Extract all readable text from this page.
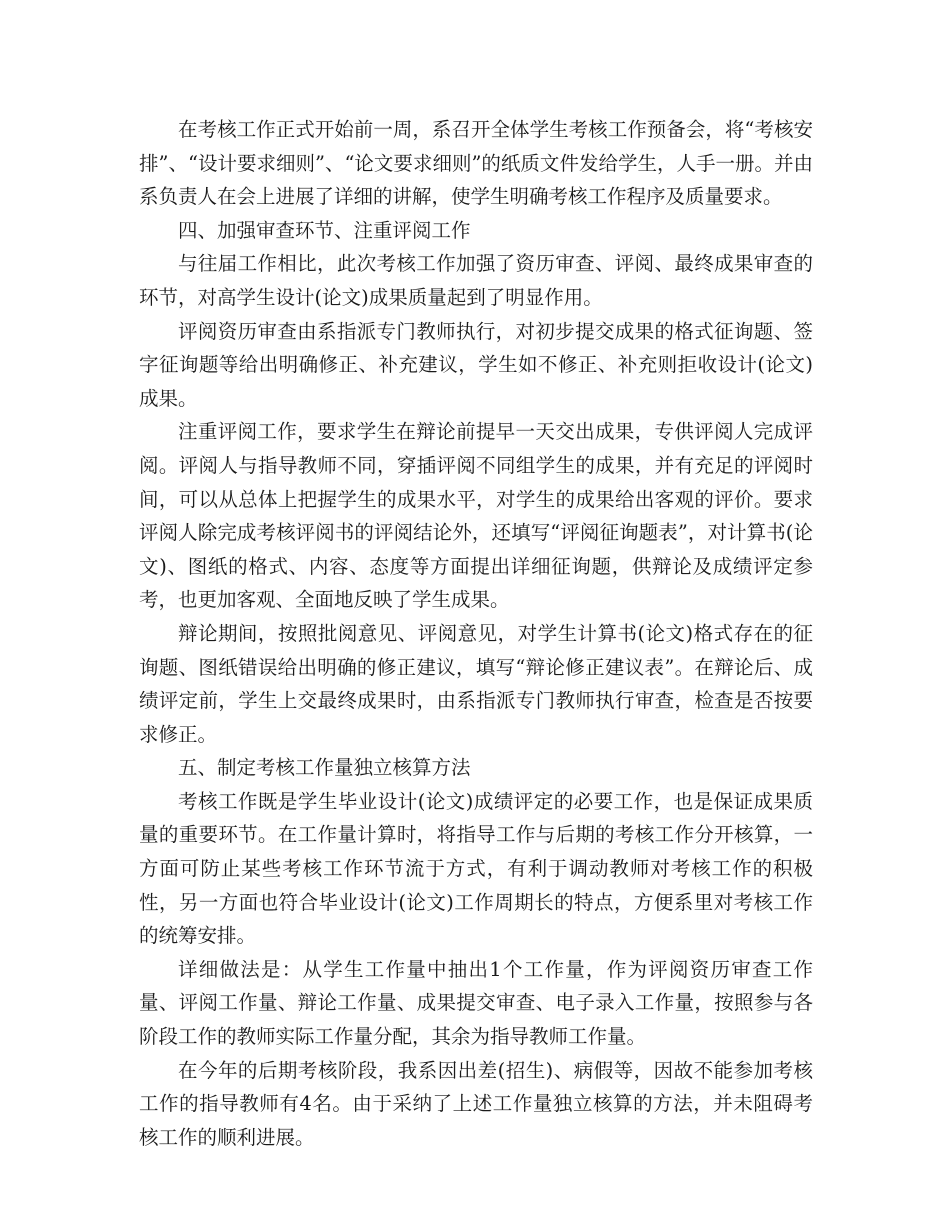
在考核工作正式开始前一周，系召开全体学生考核工作预备会，将“考核安排”、“设计要求细则”、“论文要求细则”的纸质文件发给学生，人手一册。并由系负责人在会上进展了详细的讲解，使学生明确考核工作程序及质量要求。

四、加强审查环节、注重评阅工作

与往届工作相比，此次考核工作加强了资历审查、评阅、最终成果审查的环节，对高学生设计(论文)成果质量起到了明显作用。

评阅资历审查由系指派专门教师执行，对初步提交成果的格式征询题、签字征询题等给出明确修正、补充建议，学生如不修正、补充则拒收设计(论文)成果。

注重评阅工作，要求学生在辩论前提早一天交出成果，专供评阅人完成评阅。评阅人与指导教师不同，穿插评阅不同组学生的成果，并有充足的评阅时间，可以从总体上把握学生的成果水平，对学生的成果给出客观的评价。要求评阅人除完成考核评阅书的评阅结论外，还填写“评阅征询题表”，对计算书(论文)、图纸的格式、内容、态度等方面提出详细征询题，供辩论及成绩评定参考，也更加客观、全面地反映了学生成果。

辩论期间，按照批阅意见、评阅意见，对学生计算书(论文)格式存在的征询题、图纸错误给出明确的修正建议，填写“辩论修正建议表”。在辩论后、成绩评定前，学生上交最终成果时，由系指派专门教师执行审查，检查是否按要求修正。

五、制定考核工作量独立核算方法

考核工作既是学生毕业设计(论文)成绩评定的必要工作，也是保证成果质量的重要环节。在工作量计算时，将指导工作与后期的考核工作分开核算，一方面可防止某些考核工作环节流于方式，有利于调动教师对考核工作的积极性，另一方面也符合毕业设计(论文)工作周期长的特点，方便系里对考核工作的统筹安排。

详细做法是：从学生工作量中抽出1个工作量，作为评阅资历审查工作量、评阅工作量、辩论工作量、成果提交审查、电子录入工作量，按照参与各阶段工作的教师实际工作量分配，其余为指导教师工作量。

在今年的后期考核阶段，我系因出差(招生)、病假等，因故不能参加考核工作的指导教师有4名。由于采纳了上述工作量独立核算的方法，并未阻碍考核工作的顺利进展。
